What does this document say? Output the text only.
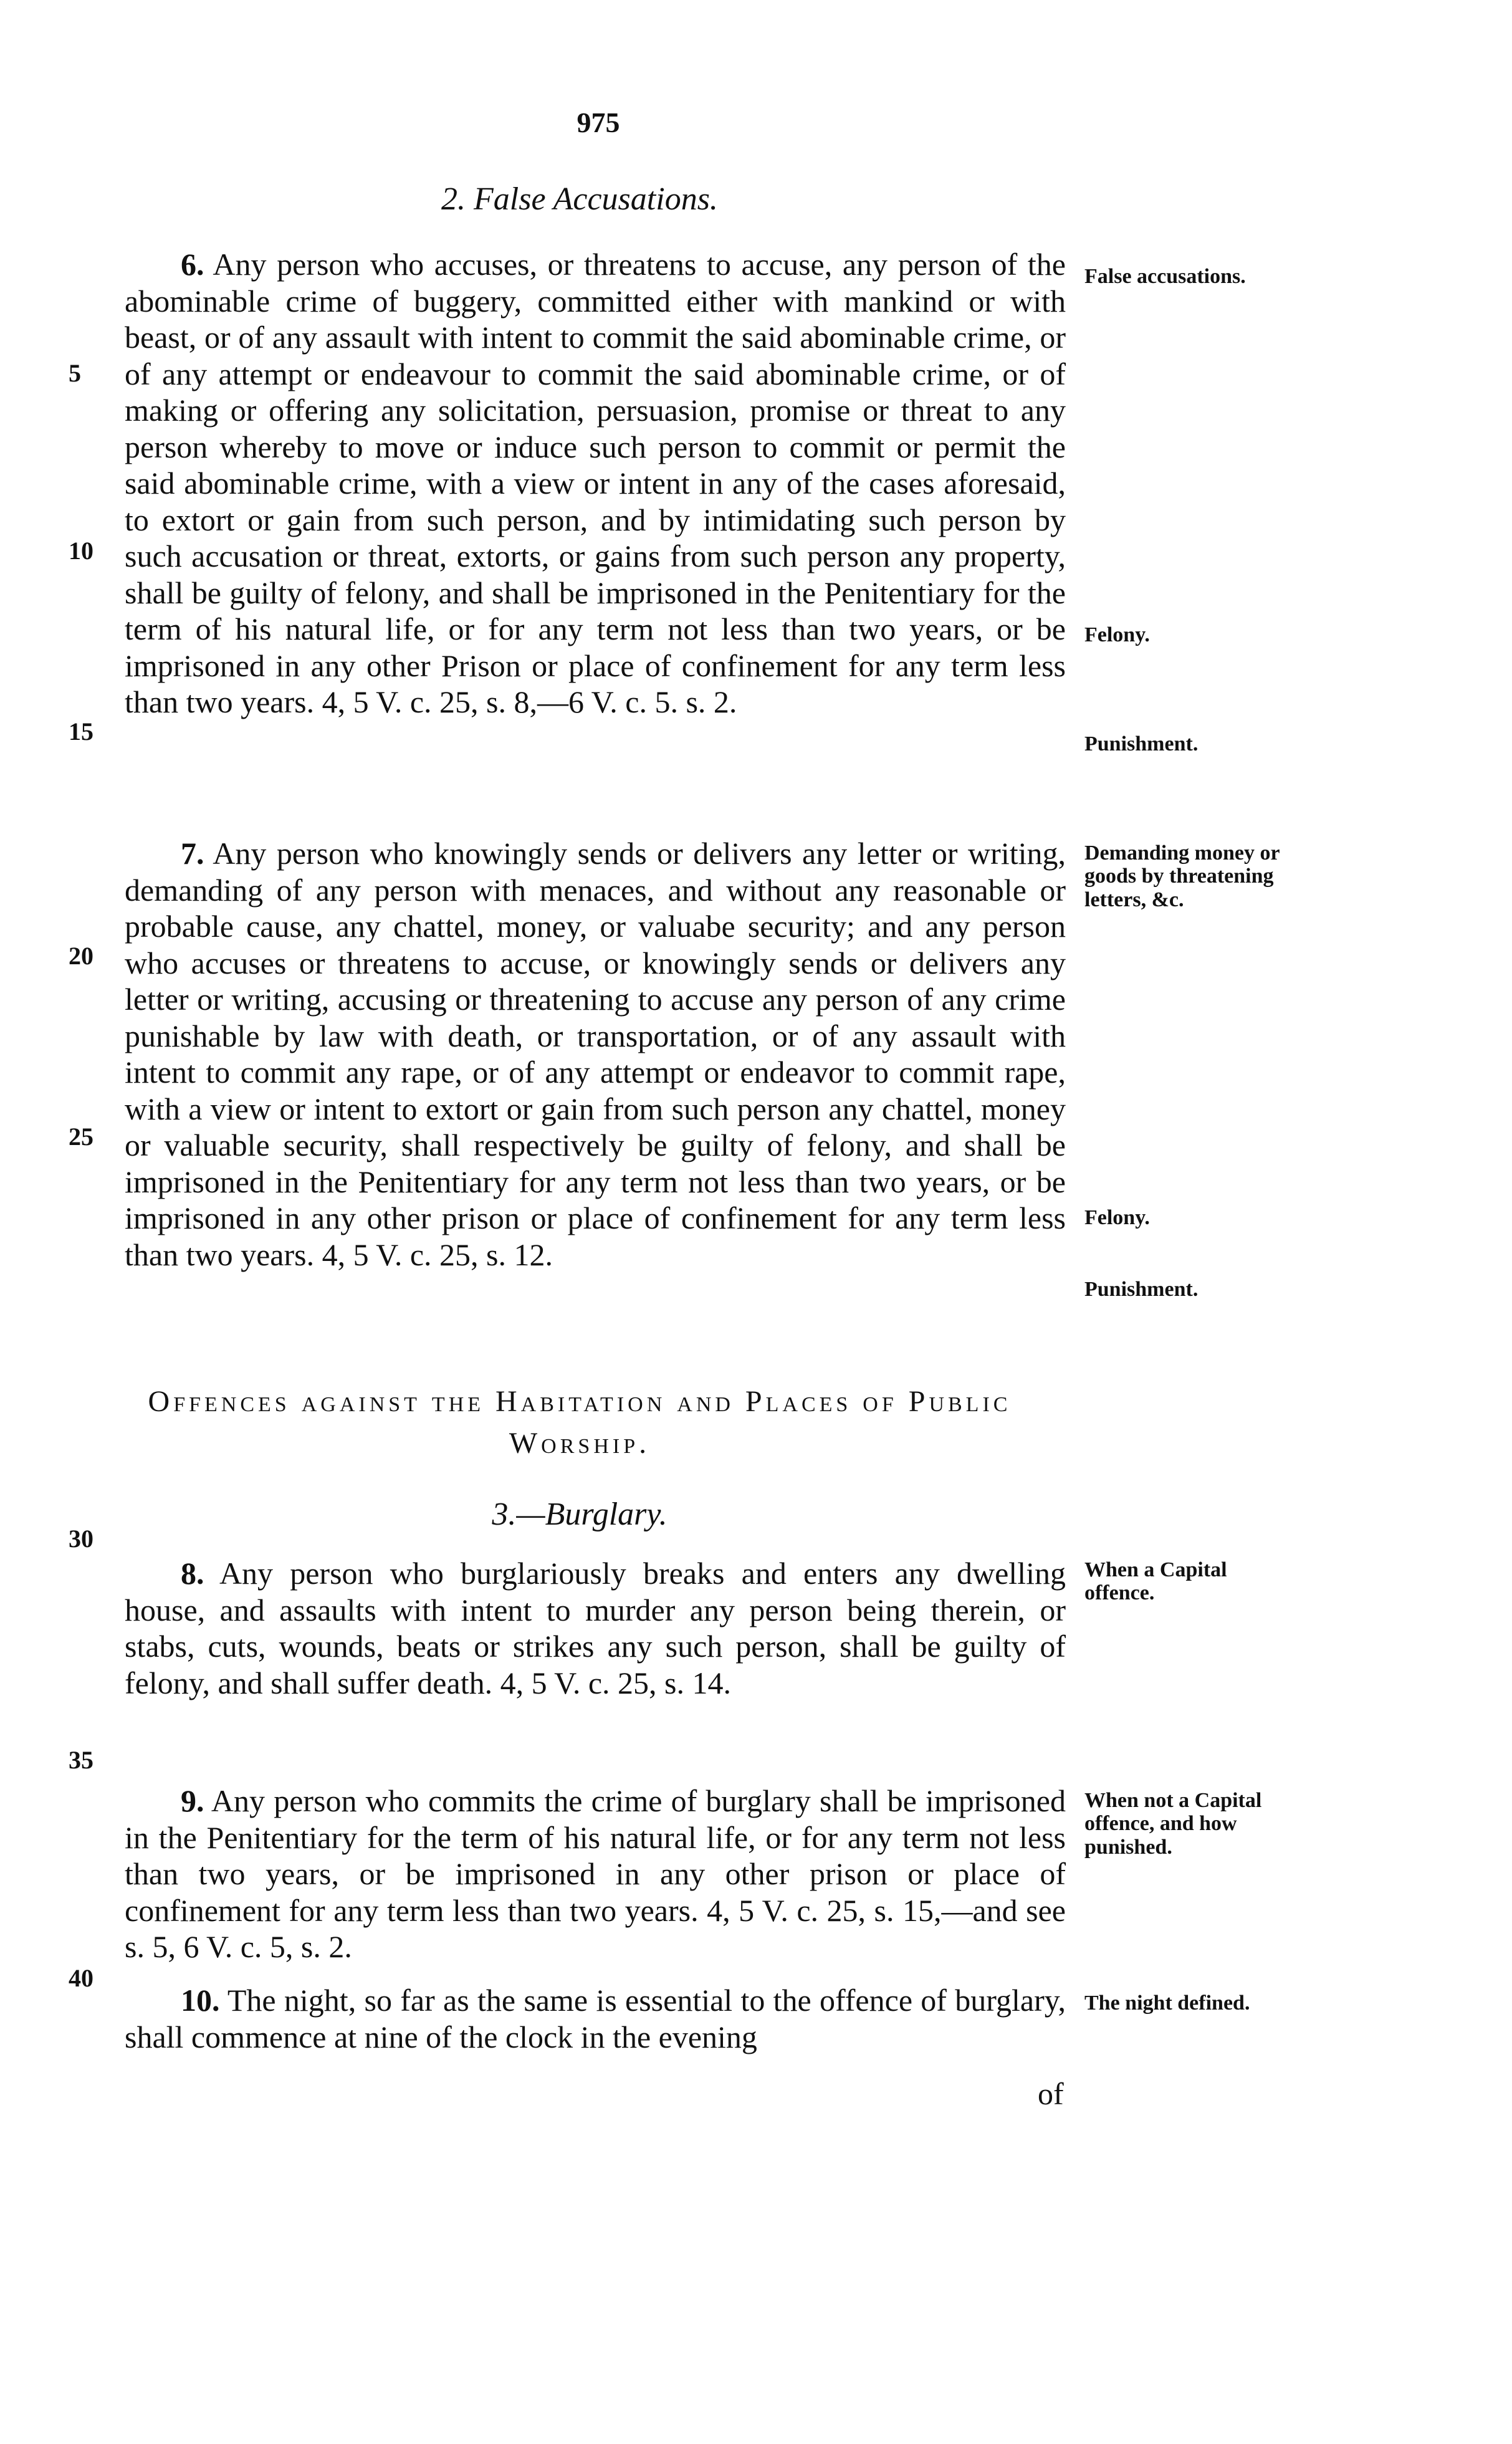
975
2. False Accusations.
6. Any person who accuses, or threatens to accuse, any person of the abominable crime of buggery, committed either with mankind or with beast, or of any assault with intent to commit the said abominable crime, or of any attempt or endeavour to commit the said abominable crime, or of making or offering any solicitation, persuasion, promise or threat to any person whereby to move or induce such person to commit or permit the said abominable crime, with a view or intent in any of the cases aforesaid, to extort or gain from such person, and by intimidating such person by such accusation or threat, extorts, or gains from such person any property, shall be guilty of felony, and shall be imprisoned in the Penitentiary for the term of his natural life, or for any term not less than two years, or be imprisoned in any other Prison or place of confinement for any term less than two years. 4, 5 V. c. 25, s. 8,—6 V. c. 5. s. 2.
7. Any person who knowingly sends or delivers any letter or writing, demanding of any person with menaces, and without any reasonable or probable cause, any chattel, money, or valuabe security; and any person who accuses or threatens to accuse, or knowingly sends or delivers any letter or writing, accusing or threatening to accuse any person of any crime punishable by law with death, or transportation, or of any assault with intent to commit any rape, or of any attempt or endeavor to commit rape, with a view or intent to extort or gain from such person any chattel, money or valuable security, shall respectively be guilty of felony, and shall be imprisoned in the Penitentiary for any term not less than two years, or be imprisoned in any other prison or place of confinement for any term less than two years. 4, 5 V. c. 25, s. 12.
Offences against the Habitation and Places of Public
Worship.
3.—Burglary.
8. Any person who burglariously breaks and enters any dwelling house, and assaults with intent to murder any person being therein, or stabs, cuts, wounds, beats or strikes any such person, shall be guilty of felony, and shall suffer death. 4, 5 V. c. 25, s. 14.
9. Any person who commits the crime of burglary shall be imprisoned in the Penitentiary for the term of his natural life, or for any term not less than two years, or be imprisoned in any other prison or place of confinement for any term less than two years. 4, 5 V. c. 25, s. 15,—and see s. 5, 6 V. c. 5, s. 2.
10. The night, so far as the same is essential to the offence of burglary, shall commence at nine of the clock in the evening
of
False accusations.
Felony.
Punishment.
Demanding money or goods by threatening letters, &c.
Felony.
Punishment.
When a Capital offence.
When not a Capital offence, and how punished.
The night defined.
5
10
15
20
25
30
35
40
